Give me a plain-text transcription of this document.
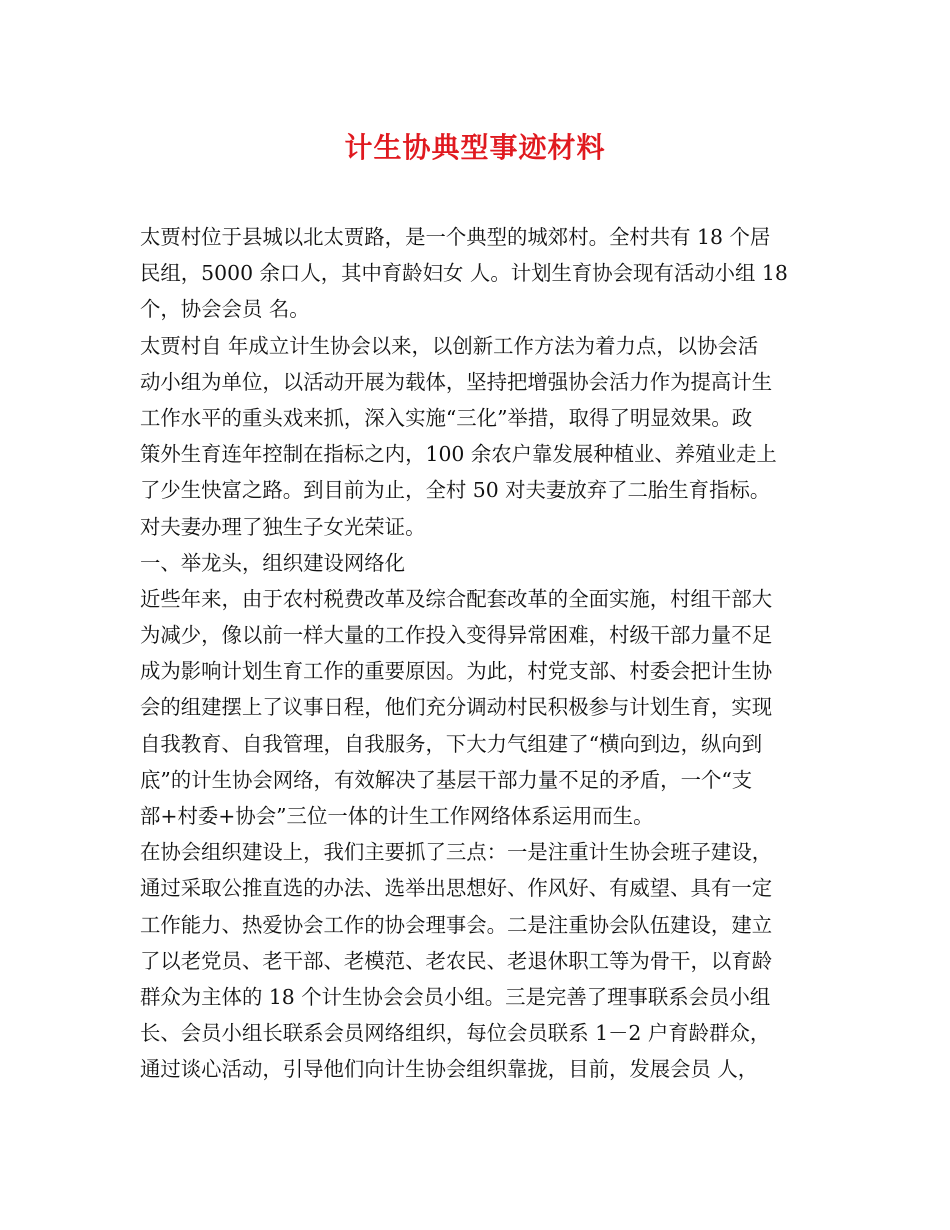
计生协典型事迹材料
太贾村位于县城以北太贾路，是一个典型的城郊村。全村共有 18 个居
民组，5000 余口人，其中育龄妇女 人。计划生育协会现有活动小组 18
个，协会会员 名。
太贾村自 年成立计生协会以来，以创新工作方法为着力点，以协会活
动小组为单位，以活动开展为载体，坚持把增强协会活力作为提高计生
工作水平的重头戏来抓，深入实施“三化”举措，取得了明显效果。政
策外生育连年控制在指标之内，100 余农户靠发展种植业、养殖业走上
了少生快富之路。到目前为止，全村 50 对夫妻放弃了二胎生育指标。
对夫妻办理了独生子女光荣证。
一、举龙头，组织建设网络化
近些年来，由于农村税费改革及综合配套改革的全面实施，村组干部大
为减少，像以前一样大量的工作投入变得异常困难，村级干部力量不足
成为影响计划生育工作的重要原因。为此，村党支部、村委会把计生协
会的组建摆上了议事日程，他们充分调动村民积极参与计划生育，实现
自我教育、自我管理，自我服务，下大力气组建了“横向到边，纵向到
底”的计生协会网络，有效解决了基层干部力量不足的矛盾，一个“支
部+村委+协会”三位一体的计生工作网络体系运用而生。
在协会组织建设上，我们主要抓了三点：一是注重计生协会班子建设，
通过采取公推直选的办法、选举出思想好、作风好、有威望、具有一定
工作能力、热爱协会工作的协会理事会。二是注重协会队伍建设，建立
了以老党员、老干部、老模范、老农民、老退休职工等为骨干，以育龄
群众为主体的 18 个计生协会会员小组。三是完善了理事联系会员小组
长、会员小组长联系会员网络组织，每位会员联系 1－2 户育龄群众，
通过谈心活动，引导他们向计生协会组织靠拢，目前，发展会员 人，
